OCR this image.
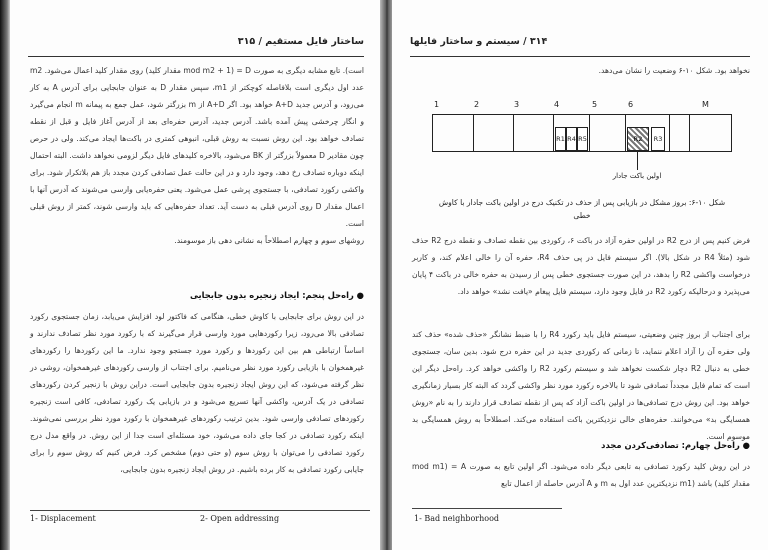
ساختار فایل مستقیم / ۳۱۵

است). تابع مشابه دیگری به صورت D = (mod m2 + 1 مقدار کلید) روی مقدار کلید اعمال می‌شود. m2 عدد اول دیگری است بلافاصله کوچکتر از m1، سپس مقدار D به عنوان جابجایی برای آدرس A به کار می‌رود، و آدرس جدید A+D خواهد بود. اگر A+D از m بزرگتر شود، عمل جمع به پیمانه m انجام می‌گیرد و انگار چرخشی پیش آمده باشد. آدرس جدید، آدرس حفره‌ای بعد از آدرس آغاز فایل و قبل از نقطه تصادف خواهد بود. این روش نسبت به روش قبلی، انبوهی کمتری در باکت‌ها ایجاد می‌کند. ولی در حرص چون مقادیر D معمولاً بزرگتر از BK می‌شود، بالاخره کلیدهای فایل دیگر لزومی نخواهد داشت. البته احتمال اینکه دوباره تصادف رخ دهد، وجود دارد و در این حالت عمل تصادفی کردن مجدد باز هم بلاتکرار شود. برای واکشی رکورد تصادفی، با جستجوی پرشی عمل می‌شود. یعنی حفره‌یابی وارسی می‌شوند که آدرس آنها با اعمال مقدار D روی آدرس قبلی به دست آید. تعداد حفره‌هایی که باید وارسی شوند، کمتر از روش قبلی است.

روشهای سوم و چهارم اصطلاحاً به نشانی دهی باز موسومند.

● راه‌حل پنجم: ایجاد زنجیره بدون جابجایی
در این روش برای جابجایی با کاوش خطی، هنگامی که فاکتور لود افزایش می‌یابد، زمان جستجوی رکورد تصادفی بالا می‌رود، زیرا رکوردهایی مورد وارسی قرار می‌گیرند که با رکورد مورد نظر تصادف ندارند و اساساً ارتباطی هم بین این رکوردها و رکورد مورد جستجو وجود ندارد. ما این رکوردها را رکوردهای غیرهمخوان با بازیابی رکورد مورد نظر می‌نامیم. برای اجتناب از وارسی رکوردهای غیرهمخوان، روشی در نظر گرفته می‌شود، که این روش ایجاد زنجیره بدون جابجایی است. دراین روش با زنجیر کردن رکوردهای تصادفی در یک آدرس، واکشی آنها تسریع می‌شود و در بازیابی یک رکورد تصادفی، کافی است زنجیره رکوردهای تصادفی وارسی شود. بدین ترتیب رکوردهای غیرهمخوان با رکورد مورد نظر بررسی نمی‌شوند. اینکه رکورد تصادفی در کجا جای داده می‌شود، خود مسئله‌ای است جدا از این روش. در واقع مدل درج رکورد تصادفی را می‌توان با روش سوم (و حتی دوم) مشخص کرد. فرض کنیم که روش سوم را برای جایابی رکورد تصادفی به کار برده باشیم. در روش ایجاد زنجیره بدون جابجایی،
1- Displacement	2- Open addressing
۳۱۴ / سیستم و ساختار فایلها
نخواهد بود. شکل ۱۰-۶ وضعیت را نشان می‌دهد.
1	2	3	4	5	6	M
R1 R4 R5	R2	R3
اولین باکت جادار
شکل ۱۰-۶: بروز مشکل در بازیابی پس از حذف در تکنیک درج در اولین باکت جادار با کاوش خطی
فرض کنیم پس از درج R2 در اولین حفره آزاد در باکت ۶، رکوردی بین نقطه تصادف و نقطه درج R2 حذف شود (مثلاً R4 در شکل بالا). اگر سیستم فایل در پی حذف R4، حفره آن را خالی اعلام کند، و کاربر درخواست واکشی R2 را بدهد، در این صورت جستجوی خطی پس از رسیدن به حفره خالی در باکت ۴ پایان می‌پذیرد و درحالیکه رکورد R2 در فایل وجود دارد، سیستم فایل پیغام «یافت نشد» خواهد داد.
برای اجتناب از بروز چنین وضعیتی، سیستم فایل باید رکورد R4 را با ضبط نشانگر «حذف شده» حذف کند ولی حفره آن را آزاد اعلام ننماید، تا زمانی که رکوردی جدید در این حفره درج شود. بدین سان، جستجوی خطی به دنبال R2 دچار شکست نخواهد شد و سیستم رکورد R2 را واکشی خواهد کرد. راه‌حل دیگر این است که تمام فایل مجدداً تصادفی شود تا بالاخره رکورد مورد نظر واکشی گردد که البته کار بسیار زمانگیری خواهد بود. این روش درج تصادفی‌ها در اولین باکت آزاد که پس از نقطه تصادف قرار دارند را به نام «روش همسایگی بد» می‌خوانند. حفره‌های خالی نزدیکترین باکت استفاده می‌کند. اصطلاحاً به روش همسایگی بد موسوم است.
● راه‌حل چهارم: تصادفی‌کردن مجدد
در این روش کلید رکورد تصادفی به تابعی دیگر داده می‌شود. اگر اولین تابع به صورت A = (mod m1 مقدار کلید) باشد (m1 نزدیکترین عدد اول به m و A آدرس حاصله از اعمال تابع
1- Bad neighborhood
